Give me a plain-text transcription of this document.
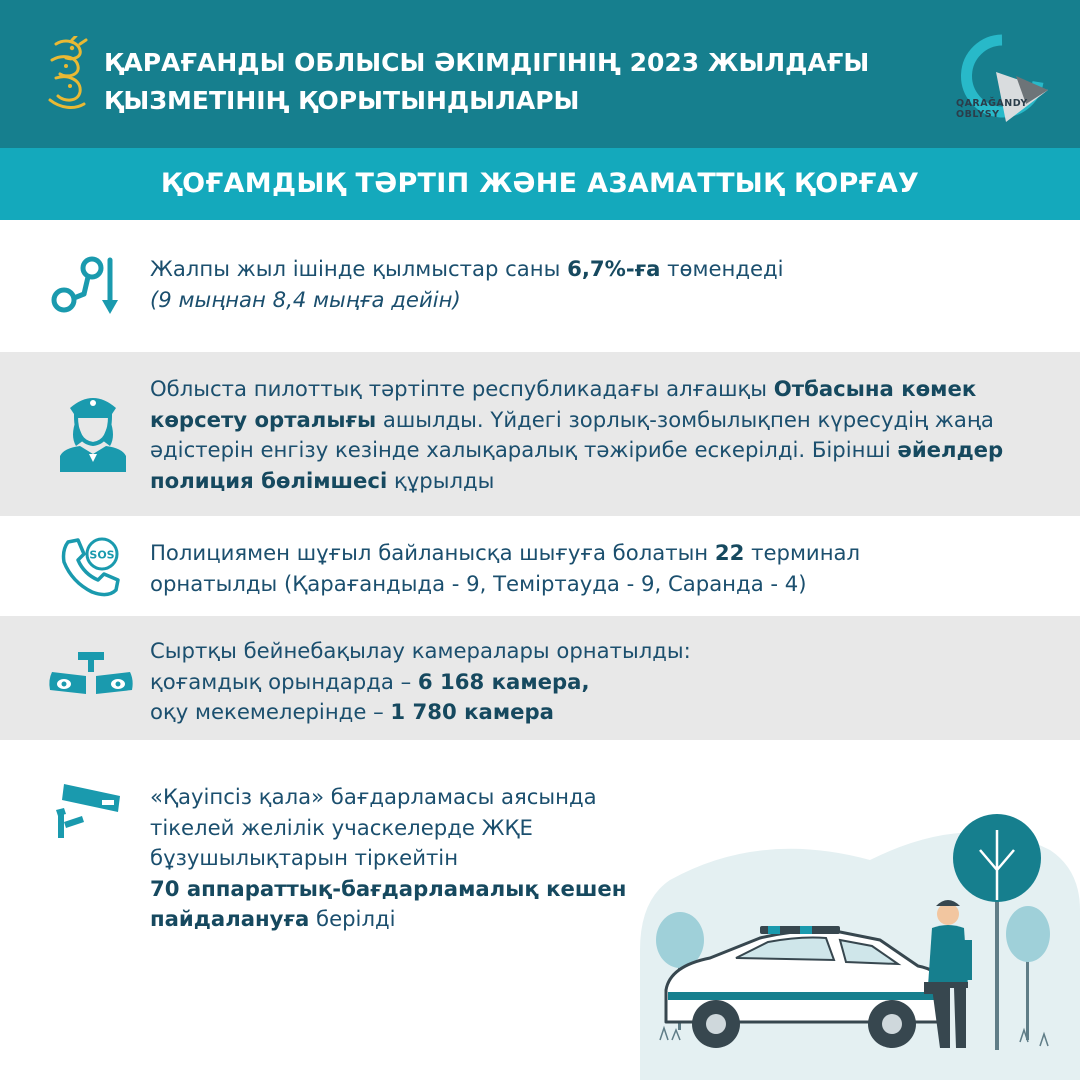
ҚАРАҒАНДЫ ОБЛЫСЫ ӘКІМДІГІНІҢ 2023 ЖЫЛДАҒЫ
ҚЫЗМЕТІНІҢ ҚОРЫТЫНДЫЛАРЫ	QARAĞANDY
OBLYSY
ҚОҒАМДЫҚ ТӘРТІП ЖӘНЕ АЗАМАТТЫҚ ҚОРҒАУ
Жалпы жыл ішінде қылмыстар саны 6,7%-ға төмендеді
(9 мыңнан 8,4 мыңға дейін)
Облыста пилоттық тәртіпте республикадағы алғашқы Отбасына көмек көрсету орталығы ашылды. Үйдегі зорлық-зомбылықпен күресудің жаңа әдістерін енгізу кезінде халықаралық тәжірибе ескерілді. Бірінші әйелдер полиция бөлімшесі құрылды
SOS Полициямен шұғыл байланысқа шығуға болатын 22 терминал
орнатылды (Қарағандыда - 9, Теміртауда - 9, Саранда - 4)
Сыртқы бейнебақылау камералары орнатылды:
қоғамдық орындарда – 6 168 камера,
оқу мекемелерінде – 1 780 камера
«Қауіпсіз қала» бағдарламасы аясында
тікелей желілік учаскелерде ЖҚЕ
бұзушылықтарын тіркейтін
70 аппараттық-бағдарламалық кешен
пайдалануға берілді
